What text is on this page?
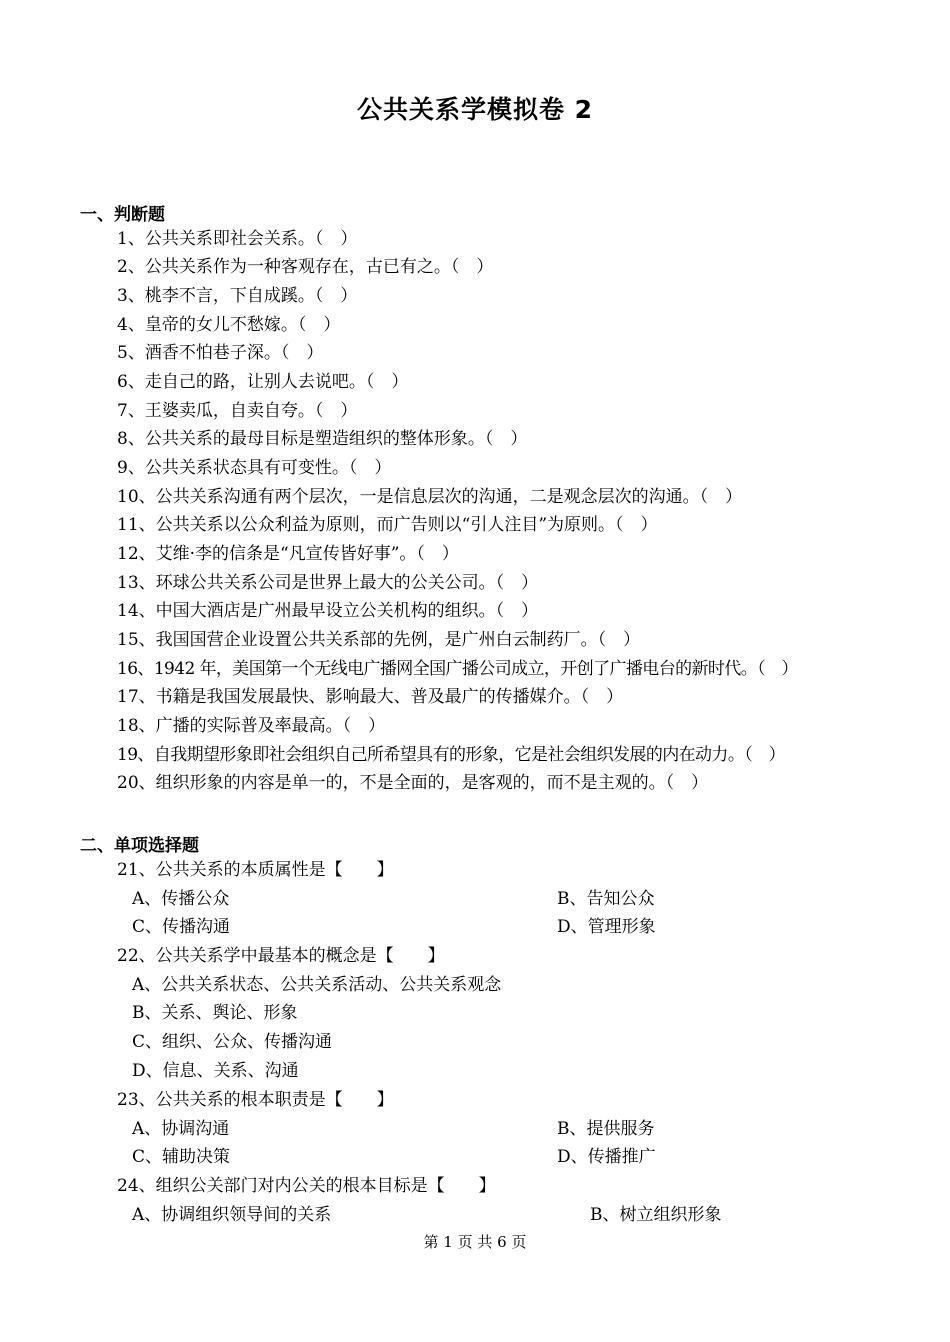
公共关系学模拟卷 2
一、判断题
1、公共关系即社会关系。（　）
2、公共关系作为一种客观存在，古已有之。（　）
3、桃李不言，下自成蹊。（　）
4、皇帝的女儿不愁嫁。（　）
5、酒香不怕巷子深。（　）
6、走自己的路，让别人去说吧。（　）
7、王婆卖瓜，自卖自夸。（　）
8、公共关系的最母目标是塑造组织的整体形象。（　）
9、公共关系状态具有可变性。（　）
10、公共关系沟通有两个层次，一是信息层次的沟通，二是观念层次的沟通。（　）
11、公共关系以公众利益为原则，而广告则以“引人注目”为原则。（　）
12、艾维·李的信条是“凡宣传皆好事”。（　）
13、环球公共关系公司是世界上最大的公关公司。（　）
14、中国大酒店是广州最早设立公关机构的组织。（　）
15、我国国营企业设置公共关系部的先例，是广州白云制药厂。（　）
16、1942 年，美国第一个无线电广播网全国广播公司成立，开创了广播电台的新时代。（　）
17、书籍是我国发展最快、影响最大、普及最广的传播媒介。（　）
18、广播的实际普及率最高。（　）
19、自我期望形象即社会组织自己所希望具有的形象，它是社会组织发展的内在动力。（　）
20、组织形象的内容是单一的，不是全面的，是客观的，而不是主观的。（　）
二、单项选择题
21、公共关系的本质属性是【　　】
A、传播公众	B、告知公众
C、传播沟通	D、管理形象
22、公共关系学中最基本的概念是【　　】
A、公共关系状态、公共关系活动、公共关系观念
B、关系、舆论、形象
C、组织、公众、传播沟通
D、信息、关系、沟通
23、公共关系的根本职责是【　　】
A、协调沟通	B、提供服务
C、辅助决策	D、传播推广
24、组织公关部门对内公关的根本目标是【　　】
A、协调组织领导间的关系	B、树立组织形象
第 1 页 共 6 页
